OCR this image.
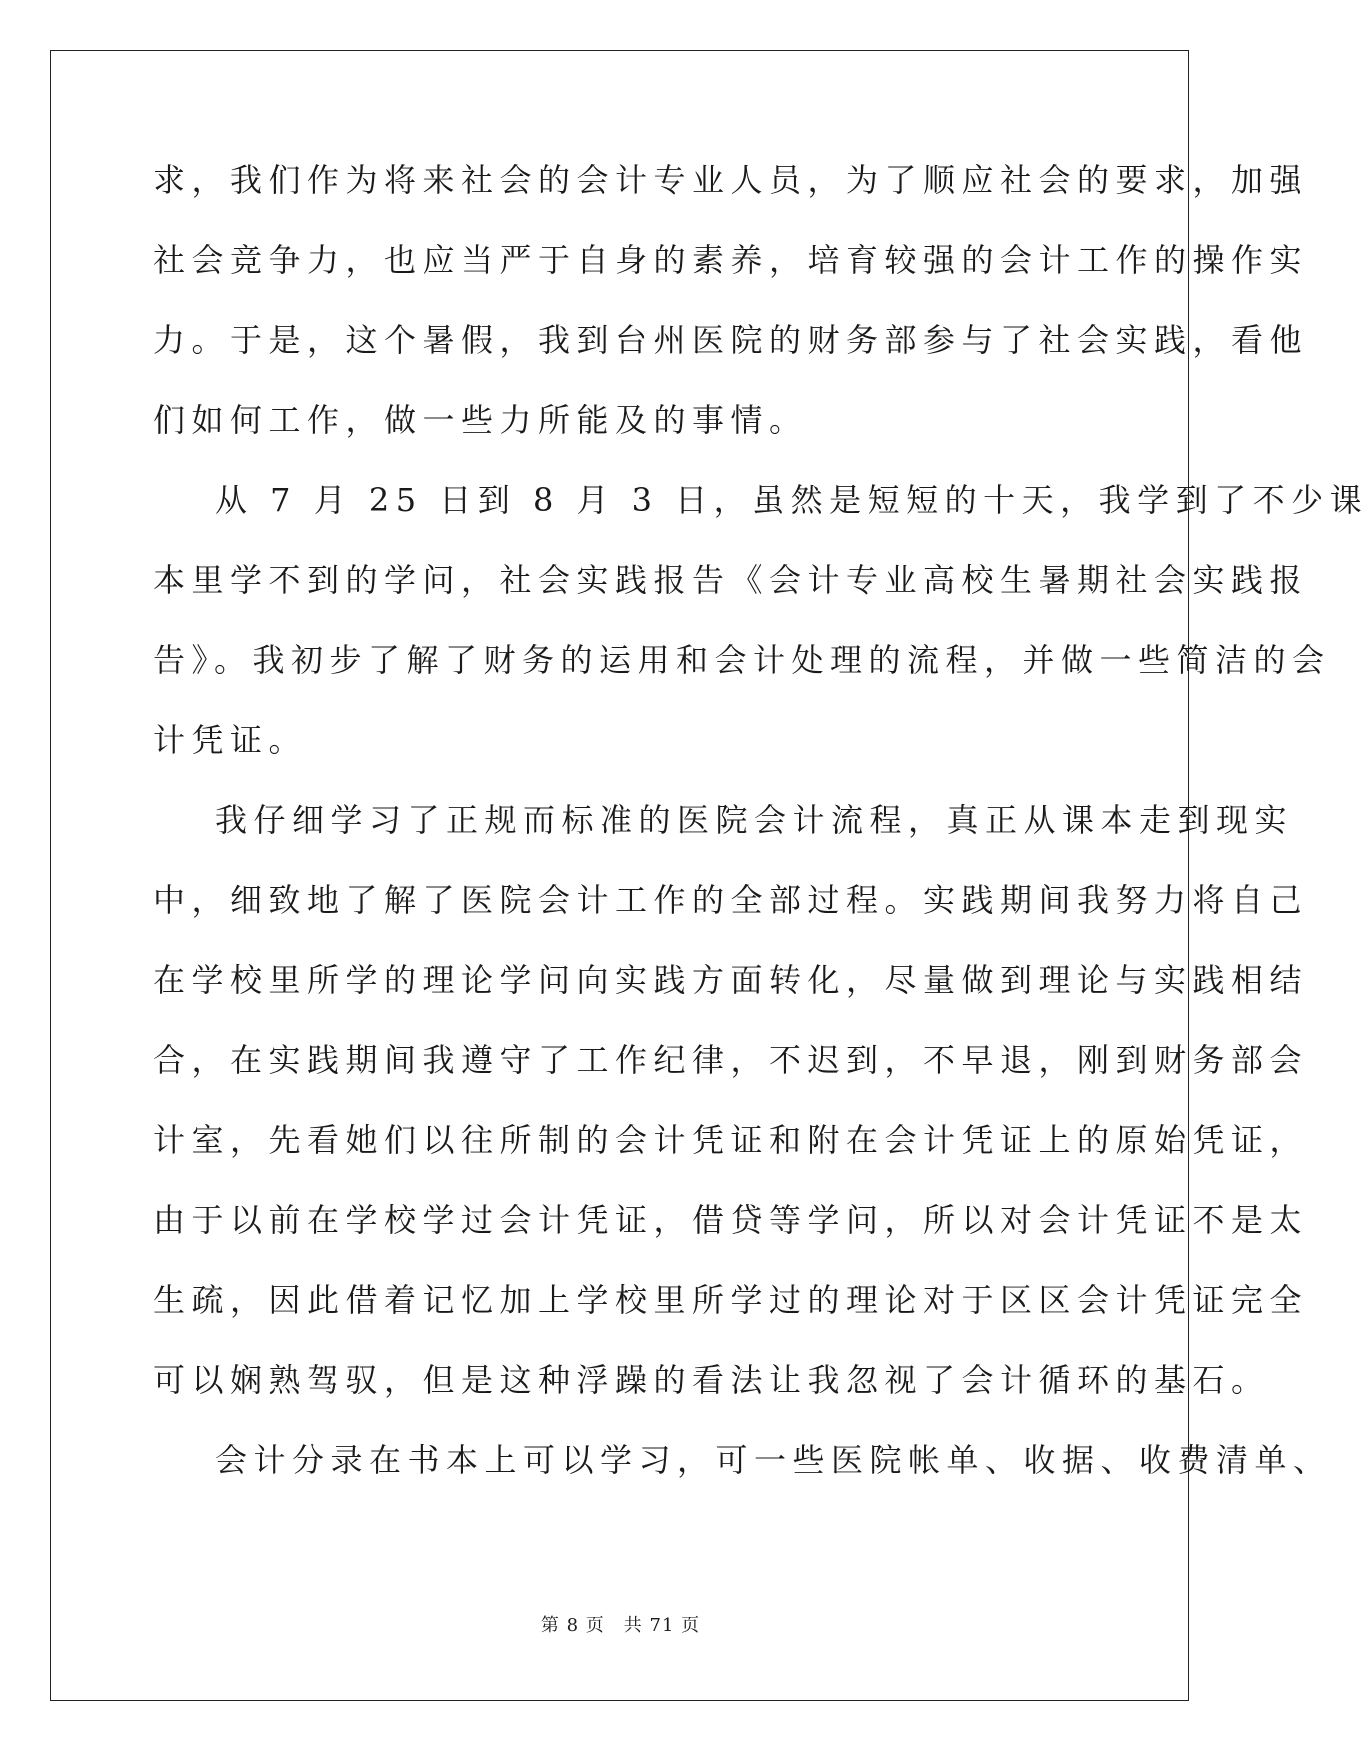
求，我们作为将来社会的会计专业人员，为了顺应社会的要求，加强
社会竞争力，也应当严于自身的素养，培育较强的会计工作的操作实
力。于是，这个暑假，我到台州医院的财务部参与了社会实践，看他
们如何工作，做一些力所能及的事情。
从 7 月 25 日到 8 月 3 日，虽然是短短的十天，我学到了不少课
本里学不到的学问，社会实践报告《会计专业高校生暑期社会实践报
告》。我初步了解了财务的运用和会计处理的流程，并做一些简洁的会
计凭证。
我仔细学习了正规而标准的医院会计流程，真正从课本走到现实
中，细致地了解了医院会计工作的全部过程。实践期间我努力将自己
在学校里所学的理论学问向实践方面转化，尽量做到理论与实践相结
合，在实践期间我遵守了工作纪律，不迟到，不早退，刚到财务部会
计室，先看她们以往所制的会计凭证和附在会计凭证上的原始凭证，
由于以前在学校学过会计凭证，借贷等学问，所以对会计凭证不是太
生疏，因此借着记忆加上学校里所学过的理论对于区区会计凭证完全
可以娴熟驾驭，但是这种浮躁的看法让我忽视了会计循环的基石。
会计分录在书本上可以学习，可一些医院帐单、收据、收费清单、
第 8 页　共 71 页
